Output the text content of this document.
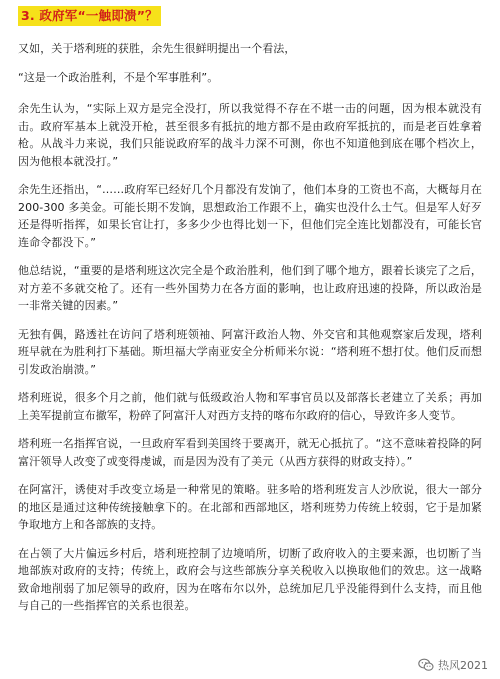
3. 政府军“一触即溃”？

又如，关于塔利班的获胜，余先生很鲜明提出一个看法，

“这是一个政治胜利，不是个军事胜利”。

余先生认为，“实际上双方是完全没打，所以我觉得不存在不堪一击的问题，因为根本就没有击。政府军基本上就没开枪，甚至很多有抵抗的地方都不是由政府军抵抗的，而是老百姓拿着枪。从战斗力来说，我们只能说政府军的战斗力深不可测，你也不知道他到底在哪个档次上，因为他根本就没打。”

余先生还指出，“……政府军已经好几个月都没有发饷了，他们本身的工资也不高，大概每月在 200-300 多美金。可能长期不发饷，思想政治工作跟不上，确实也没什么士气。但是军人好歹还是得听指挥，如果长官让打，多多少少也得比划一下，但他们完全连比划都没有，可能长官连命令都没下。”

他总结说，“重要的是塔利班这次完全是个政治胜利，他们到了哪个地方，跟着长谈完了之后，对方差不多就交枪了。还有一些外国势力在各方面的影响，也让政府迅速的投降，所以政治是一非常关键的因素。”

无独有偶，路透社在访问了塔利班领袖、阿富汗政治人物、外交官和其他观察家后发现，塔利班早就在为胜利打下基础。斯坦福大学南亚安全分析师米尔说：“塔利班不想打仗。他们反而想引发政治崩溃。”

塔利班说，很多个月之前，他们就与低级政治人物和军事官员以及部落长老建立了关系；再加上美军提前宣布撤军，粉碎了阿富汗人对西方支持的喀布尔政府的信心，导致许多人变节。

塔利班一名指挥官说，一旦政府军看到美国终于要离开，就无心抵抗了。“这不意味着投降的阿富汗领导人改变了或变得虔诚，而是因为没有了美元（从西方获得的财政支持）。”

在阿富汗，诱使对手改变立场是一种常见的策略。驻多哈的塔利班发言人沙欣说，很大一部分的地区是通过这种传统接触拿下的。在北部和西部地区，塔利班势力传统上较弱，它于是加紧争取地方上和各部族的支持。

在占领了大片偏远乡村后，塔利班控制了边境哨所，切断了政府收入的主要来源，也切断了当地部族对政府的支持；传统上，政府会与这些部族分享关税收入以换取他们的效忠。这一战略致命地削弱了加尼领导的政府，因为在喀布尔以外，总统加尼几乎没能得到什么支持，而且他与自己的一些指挥官的关系也很差。

热风2021
